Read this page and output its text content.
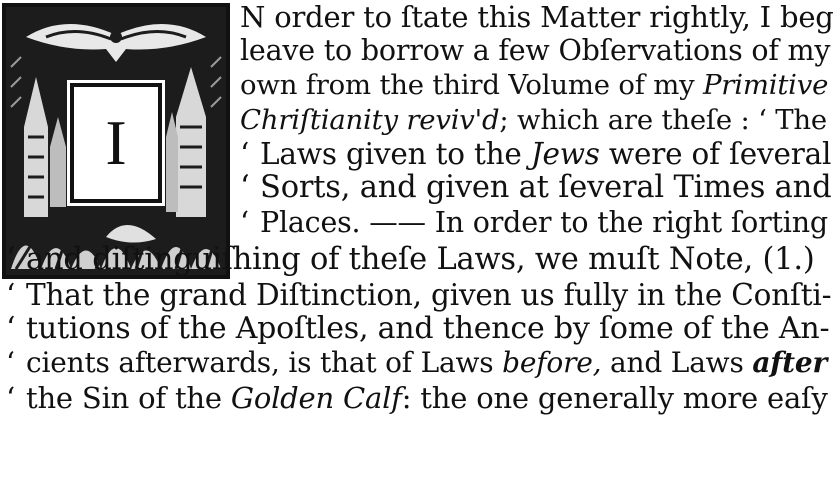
I
N order to ſtate this Matter rightly, I beg
leave to borrow a few Obſervations of my
own from the third Volume of my Primitive
Chriſtianity reviv'd; which are theſe : ‘ The
‘ Laws given to the Jews were of ſeveral
‘ Sorts, and given at ſeveral Times and
‘ Places. —— In order to the right ſorting
‘ and diſtinguiſhing of theſe Laws, we muſt Note, (1.)
‘ That the grand Diſtinction, given us fully in the Conſti-
‘ tutions of the Apoſtles, and thence by ſome of the An-
‘ cients afterwards, is that of Laws before, and Laws after
‘ the Sin of the Golden Calf: the one generally more eaſy
